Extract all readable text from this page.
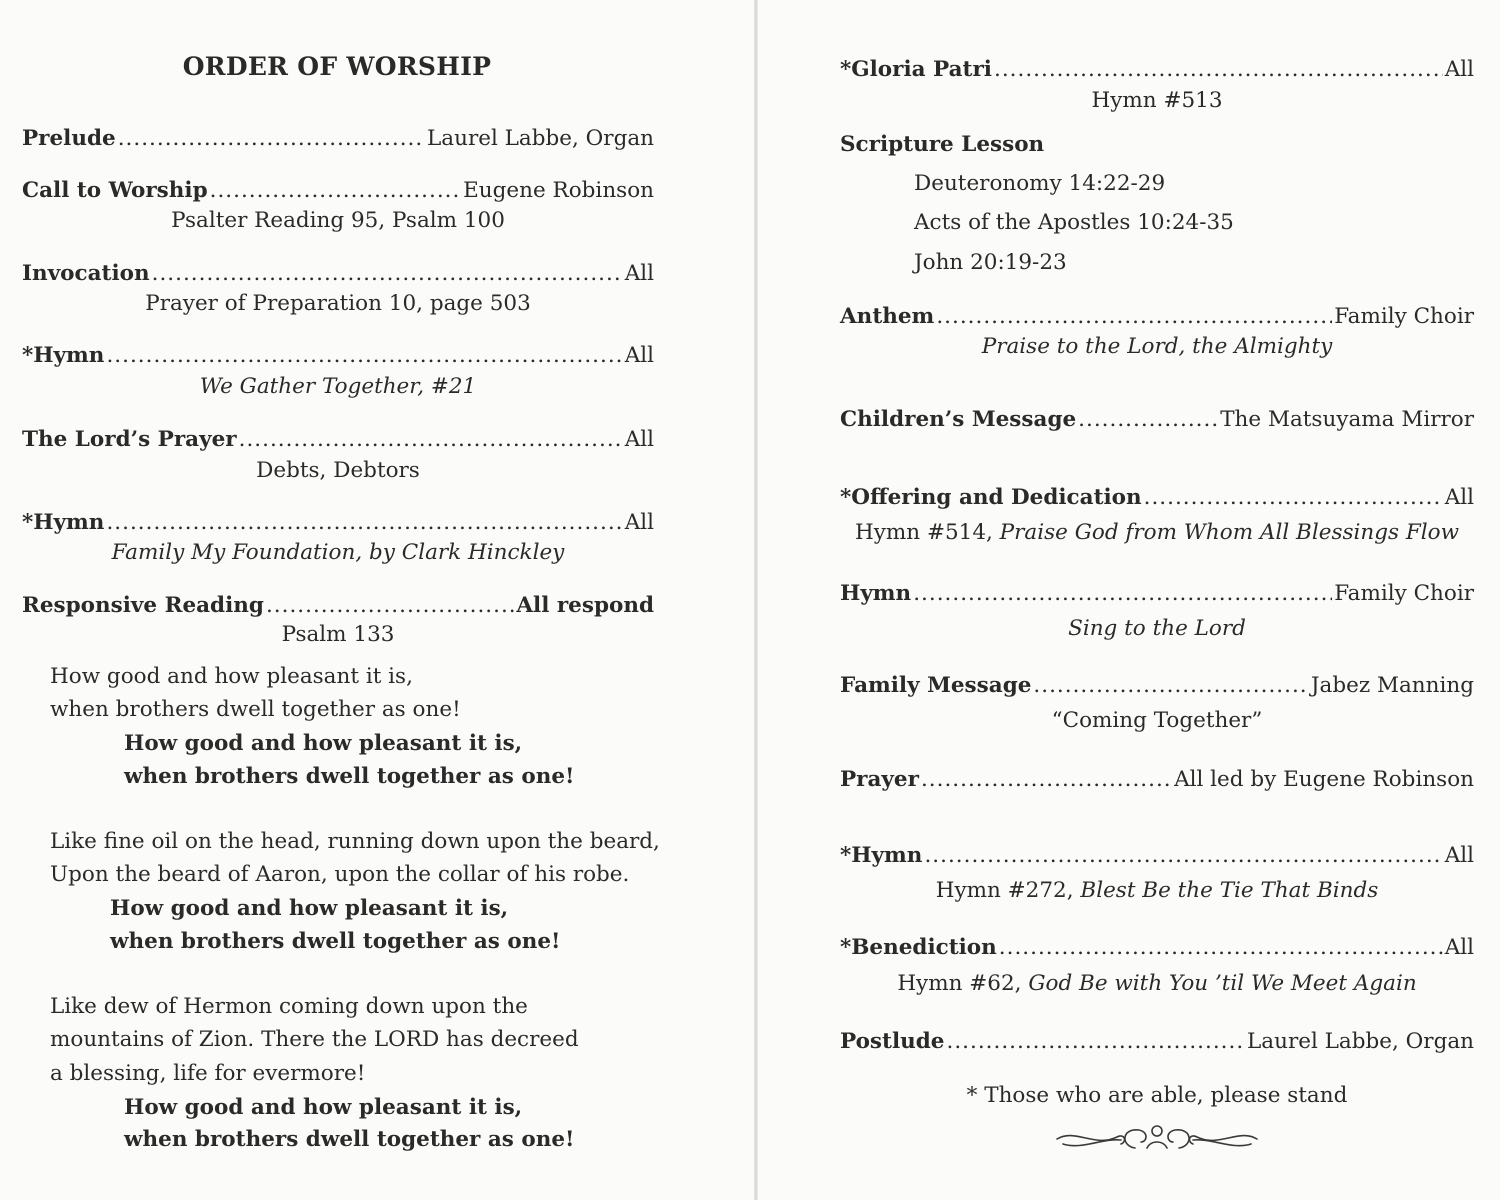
ORDER OF WORSHIP
Prelude .....	Laurel Labbe, Organ
Call to Worship .....	Eugene Robinson
Psalter Reading 95, Psalm 100
Invocation .....	All
Prayer of Preparation 10, page 503
*Hymn .....	All
We Gather Together, #21
The Lord’s Prayer .....	All
Debts, Debtors
*Hymn .....	All
Family My Foundation, by Clark Hinckley
Responsive Reading .....	All respond
Psalm 133
How good and how pleasant it is,
when brothers dwell together as one!
How good and how pleasant it is,
when brothers dwell together as one!
Like fine oil on the head, running down upon the beard,
Upon the beard of Aaron, upon the collar of his robe.
How good and how pleasant it is,
when brothers dwell together as one!
Like dew of Hermon coming down upon the
mountains of Zion. There the LORD has decreed
a blessing, life for evermore!
How good and how pleasant it is,
when brothers dwell together as one!
*Gloria Patri .....	All
Hymn #513
Scripture Lesson
Deuteronomy 14:22-29
Acts of the Apostles 10:24-35
John 20:19-23
Anthem .....	Family Choir
Praise to the Lord, the Almighty
Children’s Message .....	The Matsuyama Mirror
*Offering and Dedication .....	All
Hymn #514, Praise God from Whom All Blessings Flow
Hymn .....	Family Choir
Sing to the Lord
Family Message .....	Jabez Manning
“Coming Together”
Prayer .....	All led by Eugene Robinson
*Hymn .....	All
Hymn #272, Blest Be the Tie That Binds
*Benediction .....	All
Hymn #62, God Be with You ’til We Meet Again
Postlude .....	Laurel Labbe, Organ
* Those who are able, please stand
